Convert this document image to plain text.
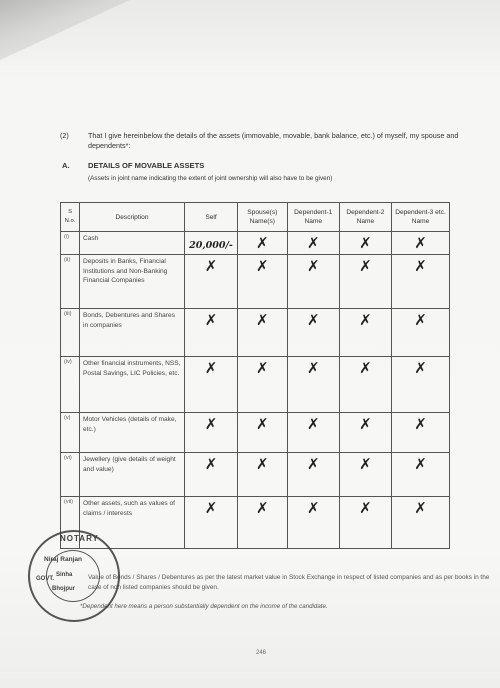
(2)	That I give hereinbelow the details of the assets (immovable, movable, bank balance, etc.) of myself, my spouse and dependents*:
A. DETAILS OF MOVABLE ASSETS
(Assets in joint name indicating the extent of joint ownership will also have to be given)
S N.o.	Description	Self	Spouse(s) Name(s)	Dependent-1 Name	Dependent-2 Name	Dependent-3 etc. Name
(i)	Cash	20,000/-	✗	✗	✗	✗
(ii)	Deposits in Banks, Financial Institutions and Non-Banking Financial Companies	✗	✗	✗	✗	✗
(iii)	Bonds, Debentures and Shares in companies	✗	✗	✗	✗	✗
(iv)	Other financial instruments, NSS, Postal Savings, LIC Policies, etc.	✗	✗	✗	✗	✗
(v)	Motor Vehicles (details of make, etc.)	✗	✗	✗	✗	✗
(vi)	Jewellery (give details of weight and value)	✗	✗	✗	✗	✗
(vii)	Other assets, such as values of claims / interests	✗	✗	✗	✗	✗
Value of Bonds / Shares / Debentures as per the latest market value in Stock Exchange in respect of listed companies and as per books in the case of non listed companies should be given.
*Dependent here means a person substantially dependent on the income of the candidate.
NOTARY
Niraj Ranjan
Sinha
Bhojpur
GOVT.
246
